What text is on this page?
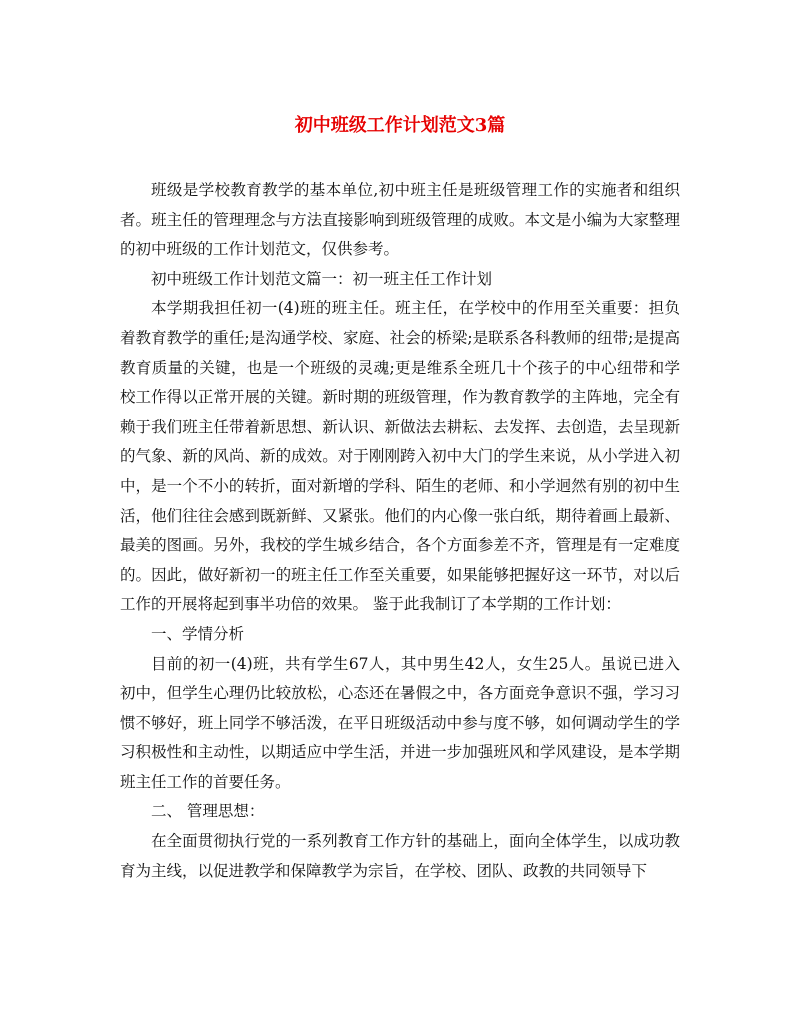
初中班级工作计划范文3篇

班级是学校教育教学的基本单位,初中班主任是班级管理工作的实施者和组织者。班主任的管理理念与方法直接影响到班级管理的成败。本文是小编为大家整理的初中班级的工作计划范文，仅供参考。

初中班级工作计划范文篇一：初一班主任工作计划

本学期我担任初一(4)班的班主任。班主任，在学校中的作用至关重要：担负着教育教学的重任;是沟通学校、家庭、社会的桥梁;是联系各科教师的纽带;是提高教育质量的关键，也是一个班级的灵魂;更是维系全班几十个孩子的中心纽带和学校工作得以正常开展的关键。新时期的班级管理，作为教育教学的主阵地，完全有赖于我们班主任带着新思想、新认识、新做法去耕耘、去发挥、去创造，去呈现新的气象、新的风尚、新的成效。对于刚刚跨入初中大门的学生来说，从小学进入初中，是一个不小的转折，面对新增的学科、陌生的老师、和小学迥然有别的初中生活，他们往往会感到既新鲜、又紧张。他们的内心像一张白纸，期待着画上最新、最美的图画。另外，我校的学生城乡结合，各个方面参差不齐，管理是有一定难度的。因此，做好新初一的班主任工作至关重要，如果能够把握好这一环节，对以后工作的开展将起到事半功倍的效果。 鉴于此我制订了本学期的工作计划：

一、学情分析

目前的初一(4)班，共有学生67人，其中男生42人，女生25人。虽说已进入初中，但学生心理仍比较放松，心态还在暑假之中，各方面竞争意识不强，学习习惯不够好，班上同学不够活泼，在平日班级活动中参与度不够，如何调动学生的学习积极性和主动性，以期适应中学生活，并进一步加强班风和学风建设，是本学期班主任工作的首要任务。

二、 管理思想：

在全面贯彻执行党的一系列教育工作方针的基础上，面向全体学生，以成功教育为主线，以促进教学和保障教学为宗旨，在学校、团队、政教的共同领导下
